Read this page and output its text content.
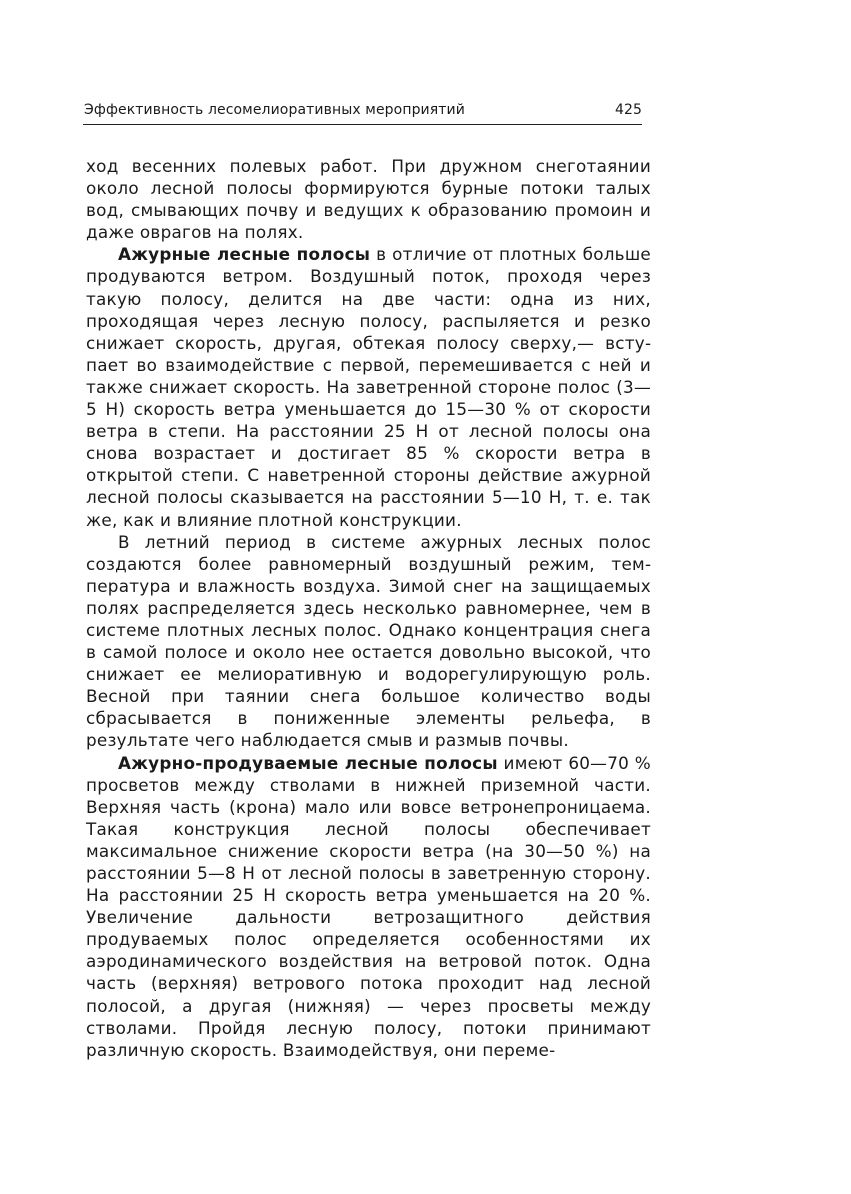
Эффективность лесомелиоративных мероприятий	425

ход весенних полевых работ. При дружном снеготаянии около лесной полосы формируются бурные потоки талых вод, смывающих почву и ведущих к образованию промоин и даже оврагов на полях.

Ажурные лесные полосы в отличие от плотных больше продуваются ветром. Воздушный поток, проходя через такую полосу, делится на две части: одна из них, проходящая через лесную полосу, распыляется и резко снижает скорость, другая, обтекая полосу сверху,— вступает во взаимодействие с первой, перемешивается с ней и также снижает скорость. На заветренной стороне полос (3—5 Н) скорость ветра уменьшается до 15—30 % от скорости ветра в степи. На расстоянии 25 Н от лесной полосы она снова возрастает и достигает 85 % скорости ветра в открытой степи. С наветренной стороны действие ажурной лесной полосы сказывается на расстоянии 5—10 Н, т. е. так же, как и влияние плотной конструкции.

В летний период в системе ажурных лесных полос создаются более равномерный воздушный режим, температура и влажность воздуха. Зимой снег на защищаемых полях распределяется здесь несколько равномернее, чем в системе плотных лесных полос. Однако концентрация снега в самой полосе и около нее остается довольно высокой, что снижает ее мелиоративную и водорегулирующую роль. Весной при таянии снега большое количество воды сбрасывается в пониженные элементы рельефа, в результате чего наблюдается смыв и размыв почвы.

Ажурно-продуваемые лесные полосы имеют 60—70 % просветов между стволами в нижней приземной части. Верхняя часть (крона) мало или вовсе ветронепроницаема. Такая конструкция лесной полосы обеспечивает максимальное снижение скорости ветра (на 30—50 %) на расстоянии 5—8 Н от лесной полосы в заветренную сторону. На расстоянии 25 Н скорость ветра уменьшается на 20 %. Увеличение дальности ветрозащитного действия продуваемых полос определяется особенностями их аэродинамического воздействия на ветровой поток. Одна часть (верхняя) ветрового потока проходит над лесной полосой, а другая (нижняя) — через просветы между стволами. Пройдя лесную полосу, потоки принимают различную скорость. Взаимодействуя, они переме-
